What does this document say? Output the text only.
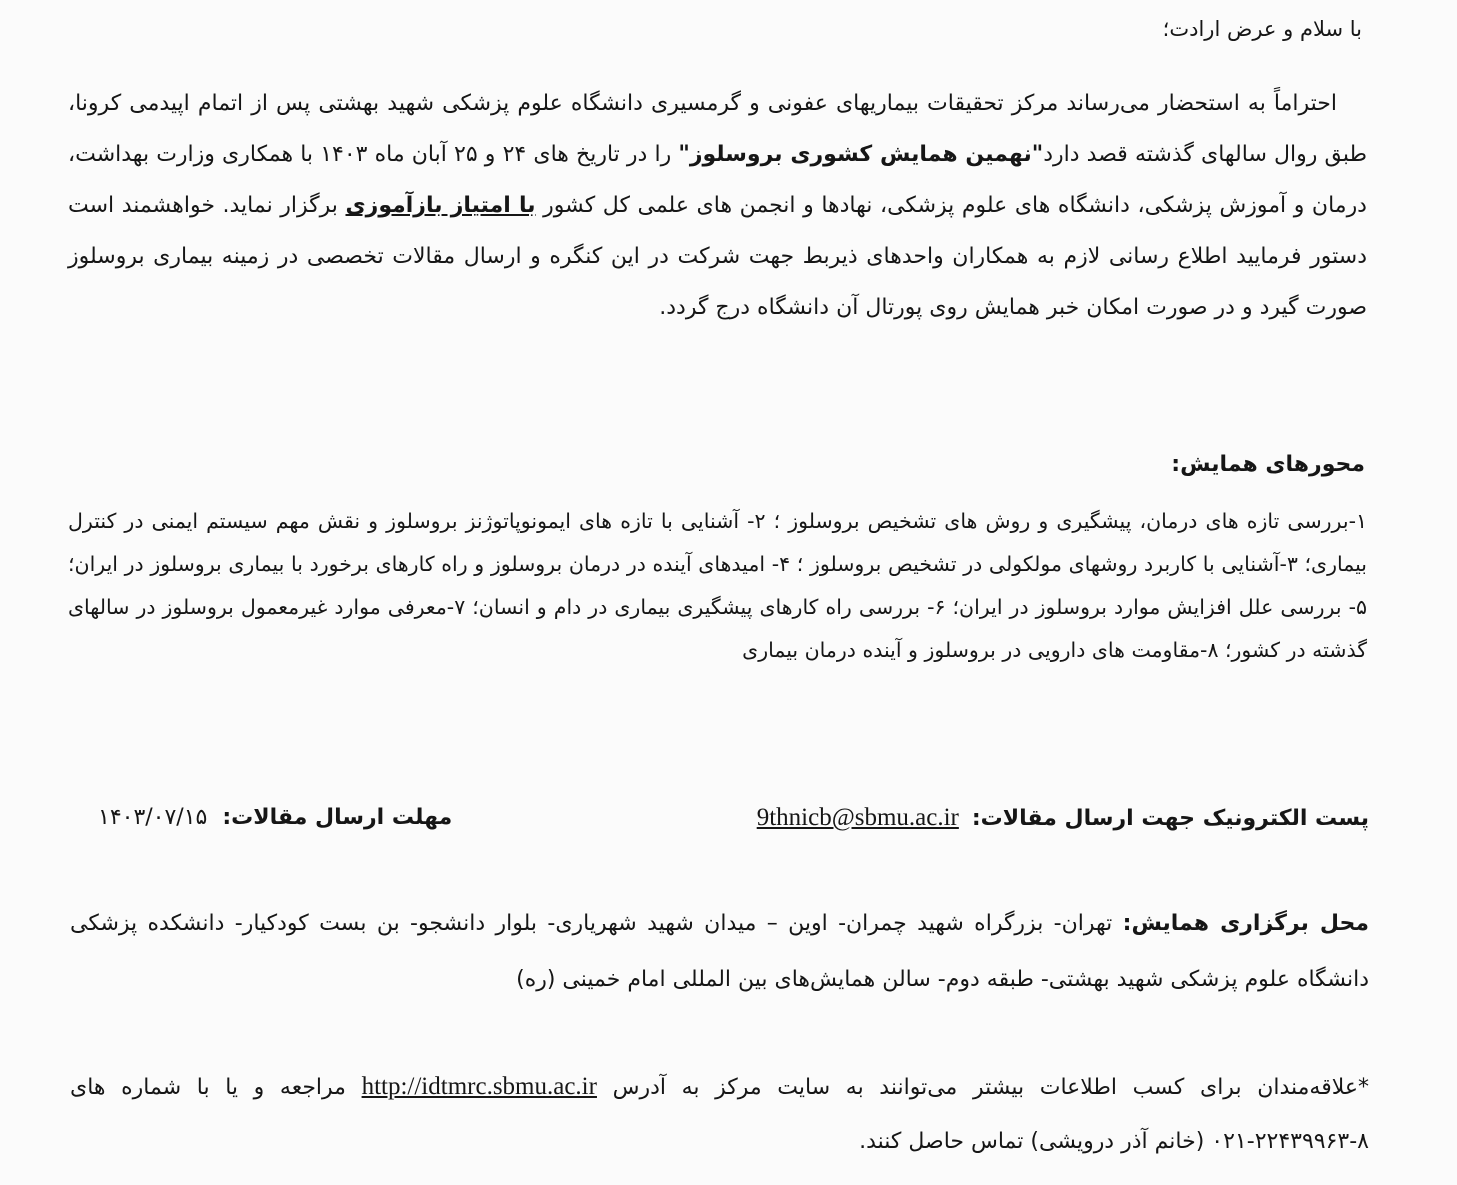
با سلام و عرض ارادت؛

احتراماً به استحضار می‌رساند مرکز تحقیقات بیماریهای عفونی و گرمسیری دانشگاه علوم پزشکی شهید بهشتی پس از اتمام اپیدمی کرونا، طبق روال سالهای گذشته قصد دارد"نهمین همایش کشوری بروسلوز" را در تاریخ های ۲۴ و ۲۵ آبان ماه ۱۴۰۳ با همکاری وزارت بهداشت، درمان و آموزش پزشکی، دانشگاه های علوم پزشکی، نهادها و انجمن های علمی کل کشور با امتیاز بازآموزی برگزار نماید. خواهشمند است دستور فرمایید اطلاع رسانی لازم به همکاران واحدهای ذیربط جهت شرکت در این کنگره و ارسال مقالات تخصصی در زمینه بیماری بروسلوز صورت گیرد و در صورت امکان خبر همایش روی پورتال آن دانشگاه درج گردد.

محورهای همایش:

۱-بررسی تازه های درمان، پیشگیری و روش های تشخیص بروسلوز ؛ ۲- آشنایی با تازه های ایمونوپاتوژنز بروسلوز و نقش مهم سیستم ایمنی در کنترل بیماری؛ ۳-آشنایی با کاربرد روشهای مولکولی در تشخیص بروسلوز ؛ ۴- امیدهای آینده در درمان بروسلوز و راه کارهای برخورد با بیماری بروسلوز در ایران؛ ۵- بررسی علل افزایش موارد بروسلوز در ایران؛ ۶- بررسی راه کارهای پیشگیری بیماری در دام و انسان؛ ۷-معرفی موارد غیرمعمول بروسلوز در سالهای گذشته در کشور؛ ۸-مقاومت های دارویی در بروسلوز و آینده درمان بیماری

پست الکترونیک جهت ارسال مقالات: 9thnicb@sbmu.ac.ir
مهلت ارسال مقالات: ۱۴۰۳/۰۷/۱۵

محل برگزاری همایش: تهران- بزرگراه شهید چمران- اوین – میدان شهید شهریاری- بلوار دانشجو- بن بست کودکیار- دانشکده پزشکی دانشگاه علوم پزشکی شهید بهشتی- طبقه دوم- سالن همایش‌های بین المللی امام خمینی (ره)

*علاقه‌مندان برای کسب اطلاعات بیشتر می‌توانند به سایت مرکز به آدرس http://idtmrc.sbmu.ac.ir مراجعه و یا با شماره های ۸-۲۲۴۳۹۹۶۳-۰۲۱ (خانم آذر درویشی) تماس حاصل کنند.
